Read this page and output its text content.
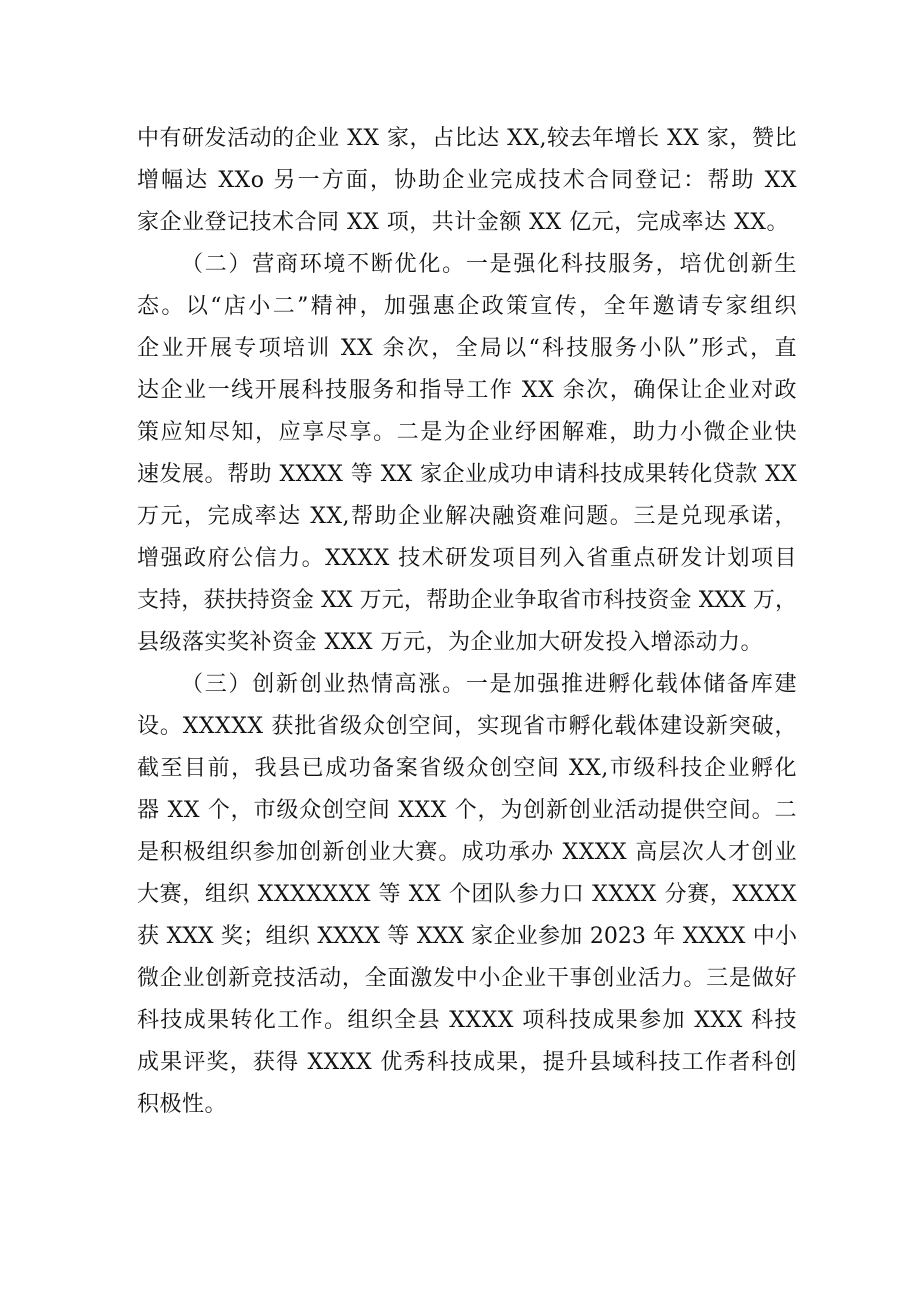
中有研发活动的企业 XX 家，占比达 XX,较去年增长 XX 家，赞比
增幅达 XXo 另一方面，协助企业完成技术合同登记：帮助 XX
家企业登记技术合同 XX 项，共计金额 XX 亿元，完成率达 XX。
（二）营商环境不断优化。一是强化科技服务，培优创新生
态。以“店小二”精神，加强惠企政策宣传，全年邀请专家组织
企业开展专项培训 XX 余次，全局以“科技服务小队”形式，直
达企业一线开展科技服务和指导工作 XX 余次，确保让企业对政
策应知尽知，应享尽享。二是为企业纾困解难，助力小微企业快
速发展。帮助 XXXX 等 XX 家企业成功申请科技成果转化贷款 XX
万元，完成率达 XX,帮助企业解决融资难问题。三是兑现承诺，
增强政府公信力。XXXX 技术研发项目列入省重点研发计划项目
支持，获扶持资金 XX 万元，帮助企业争取省市科技资金 XXX 万，
县级落实奖补资金 XXX 万元，为企业加大研发投入增添动力。
（三）创新创业热情高涨。一是加强推进孵化载体储备库建
设。XXXXX 获批省级众创空间，实现省市孵化载体建设新突破，
截至目前，我县已成功备案省级众创空间 XX,市级科技企业孵化
器 XX 个，市级众创空间 XXX 个，为创新创业活动提供空间。二
是积极组织参加创新创业大赛。成功承办 XXXX 高层次人才创业
大赛，组织 XXXXXXX 等 XX 个团队参力口 XXXX 分赛，XXXX
获 XXX 奖；组织 XXXX 等 XXX 家企业参加 2023 年 XXXX 中小
微企业创新竞技活动，全面激发中小企业干事创业活力。三是做好
科技成果转化工作。组织全县 XXXX 项科技成果参加 XXX 科技
成果评奖，获得 XXXX 优秀科技成果，提升县域科技工作者科创
积极性。
